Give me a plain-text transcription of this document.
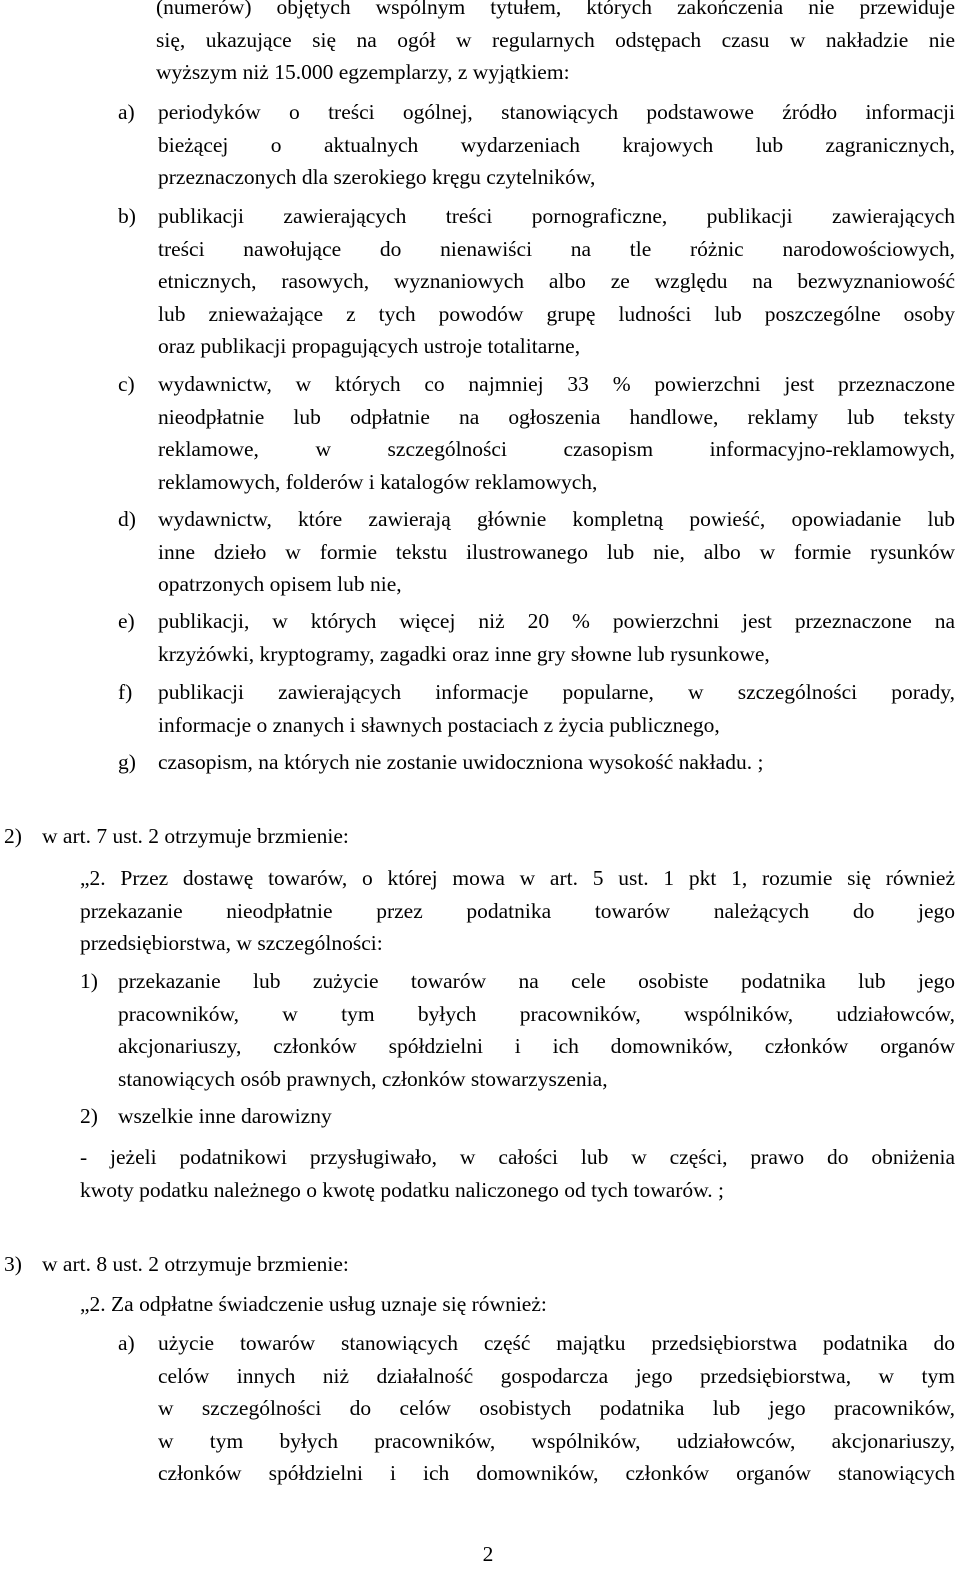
(numerów) objętych wspólnym tytułem, których zakończenia nie przewiduje
się, ukazujące się na ogół w regularnych odstępach czasu w nakładzie nie
wyższym niż 15.000 egzemplarzy, z wyjątkiem:
a) periodyków o treści ogólnej, stanowiących podstawowe źródło informacji
bieżącej o aktualnych wydarzeniach krajowych lub zagranicznych,
przeznaczonych dla szerokiego kręgu czytelników,
b) publikacji zawierających treści pornograficzne, publikacji zawierających
treści nawołujące do nienawiści na tle różnic narodowościowych,
etnicznych, rasowych, wyznaniowych albo ze względu na bezwyznaniowość
lub znieważające z tych powodów grupę ludności lub poszczególne osoby
oraz publikacji propagujących ustroje totalitarne,
c) wydawnictw, w których co najmniej 33 % powierzchni jest przeznaczone
nieodpłatnie lub odpłatnie na ogłoszenia handlowe, reklamy lub teksty
reklamowe, w szczególności czasopism informacyjno-reklamowych,
reklamowych, folderów i katalogów reklamowych,
d) wydawnictw, które zawierają głównie kompletną powieść, opowiadanie lub
inne dzieło w formie tekstu ilustrowanego lub nie, albo w formie rysunków
opatrzonych opisem lub nie,
e) publikacji, w których więcej niż 20 % powierzchni jest przeznaczone na
krzyżówki, kryptogramy, zagadki oraz inne gry słowne lub rysunkowe,
f) publikacji zawierających informacje popularne, w szczególności porady,
informacje o znanych i sławnych postaciach z życia publicznego,
g) czasopism, na których nie zostanie uwidoczniona wysokość nakładu. ;
2) w art. 7 ust. 2 otrzymuje brzmienie:
„2. Przez dostawę towarów, o której mowa w art. 5 ust. 1 pkt 1, rozumie się również
przekazanie nieodpłatnie przez podatnika towarów należących do jego
przedsiębiorstwa, w szczególności:
1) przekazanie lub zużycie towarów na cele osobiste podatnika lub jego
pracowników, w tym byłych pracowników, wspólników, udziałowców,
akcjonariuszy, członków spółdzielni i ich domowników, członków organów
stanowiących osób prawnych, członków stowarzyszenia,
2) wszelkie inne darowizny
- jeżeli podatnikowi przysługiwało, w całości lub w części, prawo do obniżenia
kwoty podatku należnego o kwotę podatku naliczonego od tych towarów. ;
3) w art. 8 ust. 2 otrzymuje brzmienie:
„2. Za odpłatne świadczenie usług uznaje się również:
a) użycie towarów stanowiących część majątku przedsiębiorstwa podatnika do
celów innych niż działalność gospodarcza jego przedsiębiorstwa, w tym
w szczególności do celów osobistych podatnika lub jego pracowników,
w tym byłych pracowników, wspólników, udziałowców, akcjonariuszy,
członków spółdzielni i ich domowników, członków organów stanowiących
2
